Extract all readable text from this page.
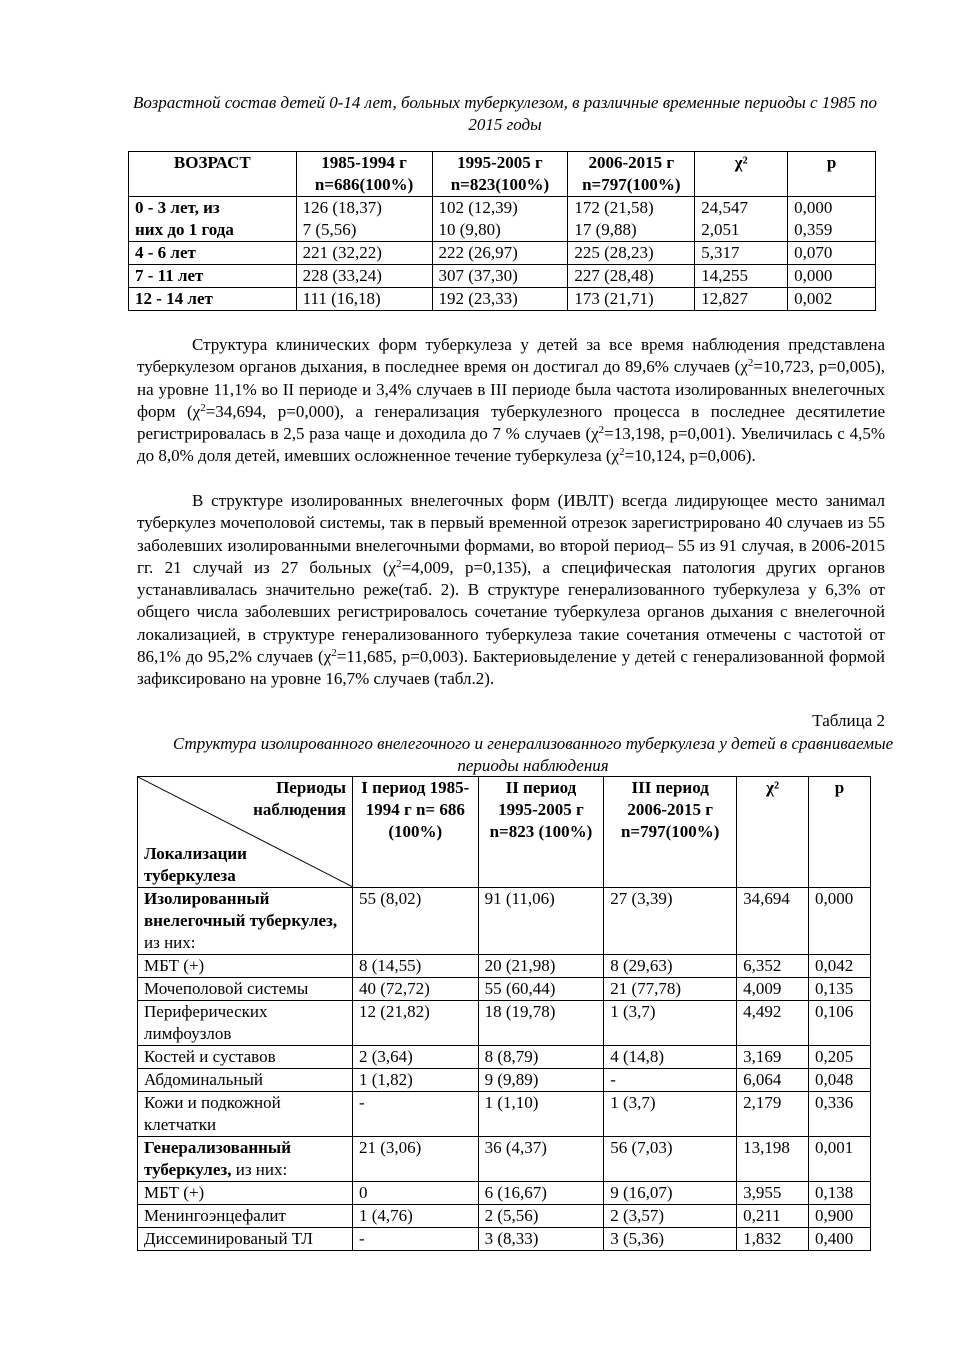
Возрастной состав детей 0-14 лет, больных туберкулезом, в различные временные периоды с 1985 по 2015 годы
ВОЗРАСТ	1985-1994 г n=686(100%)	1995-2005 г n=823(100%)	2006-2015 г n=797(100%)	χ²	p
0 - 3 лет, из	126 (18,37)	102 (12,39)	172 (21,58)	24,547	0,000
них до 1 года	7 (5,56)	10 (9,80)	17 (9,88)	2,051	0,359
4 - 6 лет	221 (32,22)	222 (26,97)	225 (28,23)	5,317	0,070
7 - 11 лет	228 (33,24)	307 (37,30)	227 (28,48)	14,255	0,000
12 - 14 лет	111 (16,18)	192 (23,33)	173 (21,71)	12,827	0,002
Структура клинических форм туберкулеза у детей за все время наблюдения представлена туберкулезом органов дыхания, в последнее время он достигал до 89,6% случаев ($\chi^2=10,723$, p=0,005), на уровне 11,1% во II периоде и 3,4% случаев в III периоде была частота изолированных внелегочных форм ($\chi^2=34,694$, p=0,000), а генерализация туберкулезного процесса в последнее десятилетие регистрировалась в 2,5 раза чаще и доходила до 7 % случаев ($\chi^2=13,198$, p=0,001). Увеличилась с 4,5% до 8,0% доля детей, имевших осложненное течение туберкулеза ($\chi^2=10,124$, p=0,006).
В структуре изолированных внелегочных форм (ИВЛТ) всегда лидирующее место занимал туберкулез мочеполовой системы, так в первый временной отрезок зарегистрировано 40 случаев из 55 заболевших изолированными внелегочными формами, во второй период– 55 из 91 случая, в 2006-2015 гг. 21 случай из 27 больных ($\chi^2=4,009$, p=0,135), а специфическая патология других органов устанавливалась значительно реже(таб. 2). В структуре генерализованного туберкулеза у 6,3% от общего числа заболевших регистрировалось сочетание туберкулеза органов дыхания с внелегочной локализацией, в структуре генерализованного туберкулеза такие сочетания отмечены с частотой от 86,1% до 95,2% случаев ($\chi^2=11,685$, p=0,003). Бактериовыделение у детей с генерализованной формой зафиксировано на уровне 16,7% случаев (табл.2).
Таблица 2
Структура изолированного внелегочного и генерализованного туберкулеза у детей в сравниваемые периоды наблюдения
Периоды наблюдения
Локализации туберкулеза	I период 1985-1994 г n= 686 (100%)	II период 1995-2005 г n=823 (100%)	III период 2006-2015 г n=797(100%)	χ²	p
Изолированный внелегочный туберкулез, из них:	55 (8,02)	91 (11,06)	27 (3,39)	34,694	0,000
МБТ (+)	8 (14,55)	20 (21,98)	8 (29,63)	6,352	0,042
Мочеполовой системы	40 (72,72)	55 (60,44)	21 (77,78)	4,009	0,135
Периферических лимфоузлов	12 (21,82)	18 (19,78)	1 (3,7)	4,492	0,106
Костей и суставов	2 (3,64)	8 (8,79)	4 (14,8)	3,169	0,205
Абдоминальный	1 (1,82)	9 (9,89)	-	6,064	0,048
Кожи и подкожной клетчатки	-	1 (1,10)	1 (3,7)	2,179	0,336
Генерализованный туберкулез, из них:	21 (3,06)	36 (4,37)	56 (7,03)	13,198	0,001
МБТ (+)	0	6 (16,67)	9 (16,07)	3,955	0,138
Менингоэнцефалит	1 (4,76)	2 (5,56)	2 (3,57)	0,211	0,900
Диссеминированый ТЛ	-	3 (8,33)	3 (5,36)	1,832	0,400
